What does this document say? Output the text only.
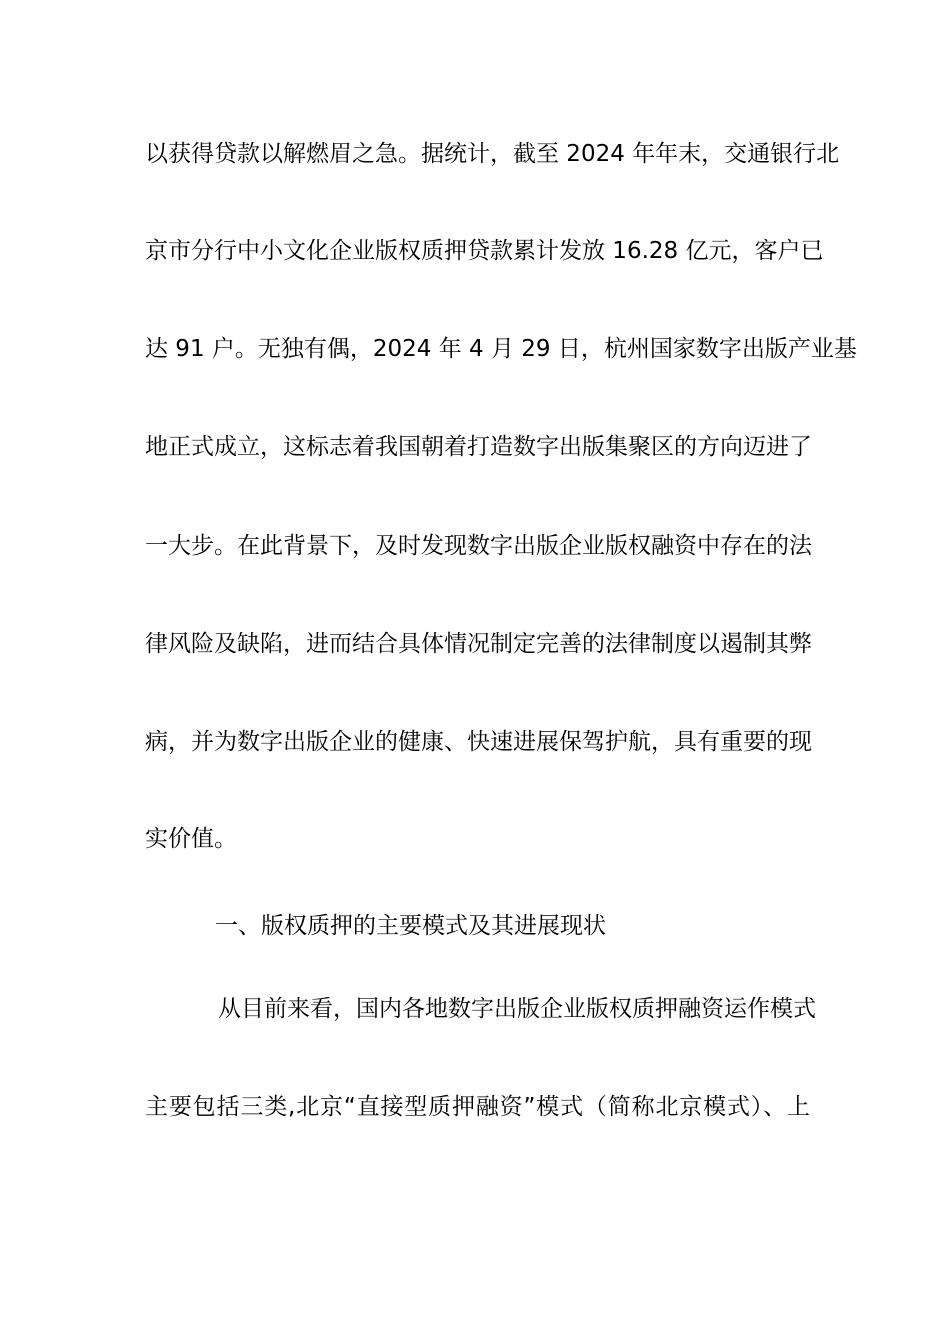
以获得贷款以解燃眉之急。据统计，截至 2024 年年末，交通银行北
京市分行中小文化企业版权质押贷款累计发放 16.28 亿元，客户已
达 91 户。无独有偶，2024 年 4 月 29 日，杭州国家数字出版产业基
地正式成立，这标志着我国朝着打造数字出版集聚区的方向迈进了
一大步。在此背景下，及时发现数字出版企业版权融资中存在的法
律风险及缺陷，进而结合具体情况制定完善的法律制度以遏制其弊
病，并为数字出版企业的健康、快速进展保驾护航，具有重要的现
实价值。
一、版权质押的主要模式及其进展现状
从目前来看，国内各地数字出版企业版权质押融资运作模式
主要包括三类,北京“直接型质押融资”模式（简称北京模式）、上
